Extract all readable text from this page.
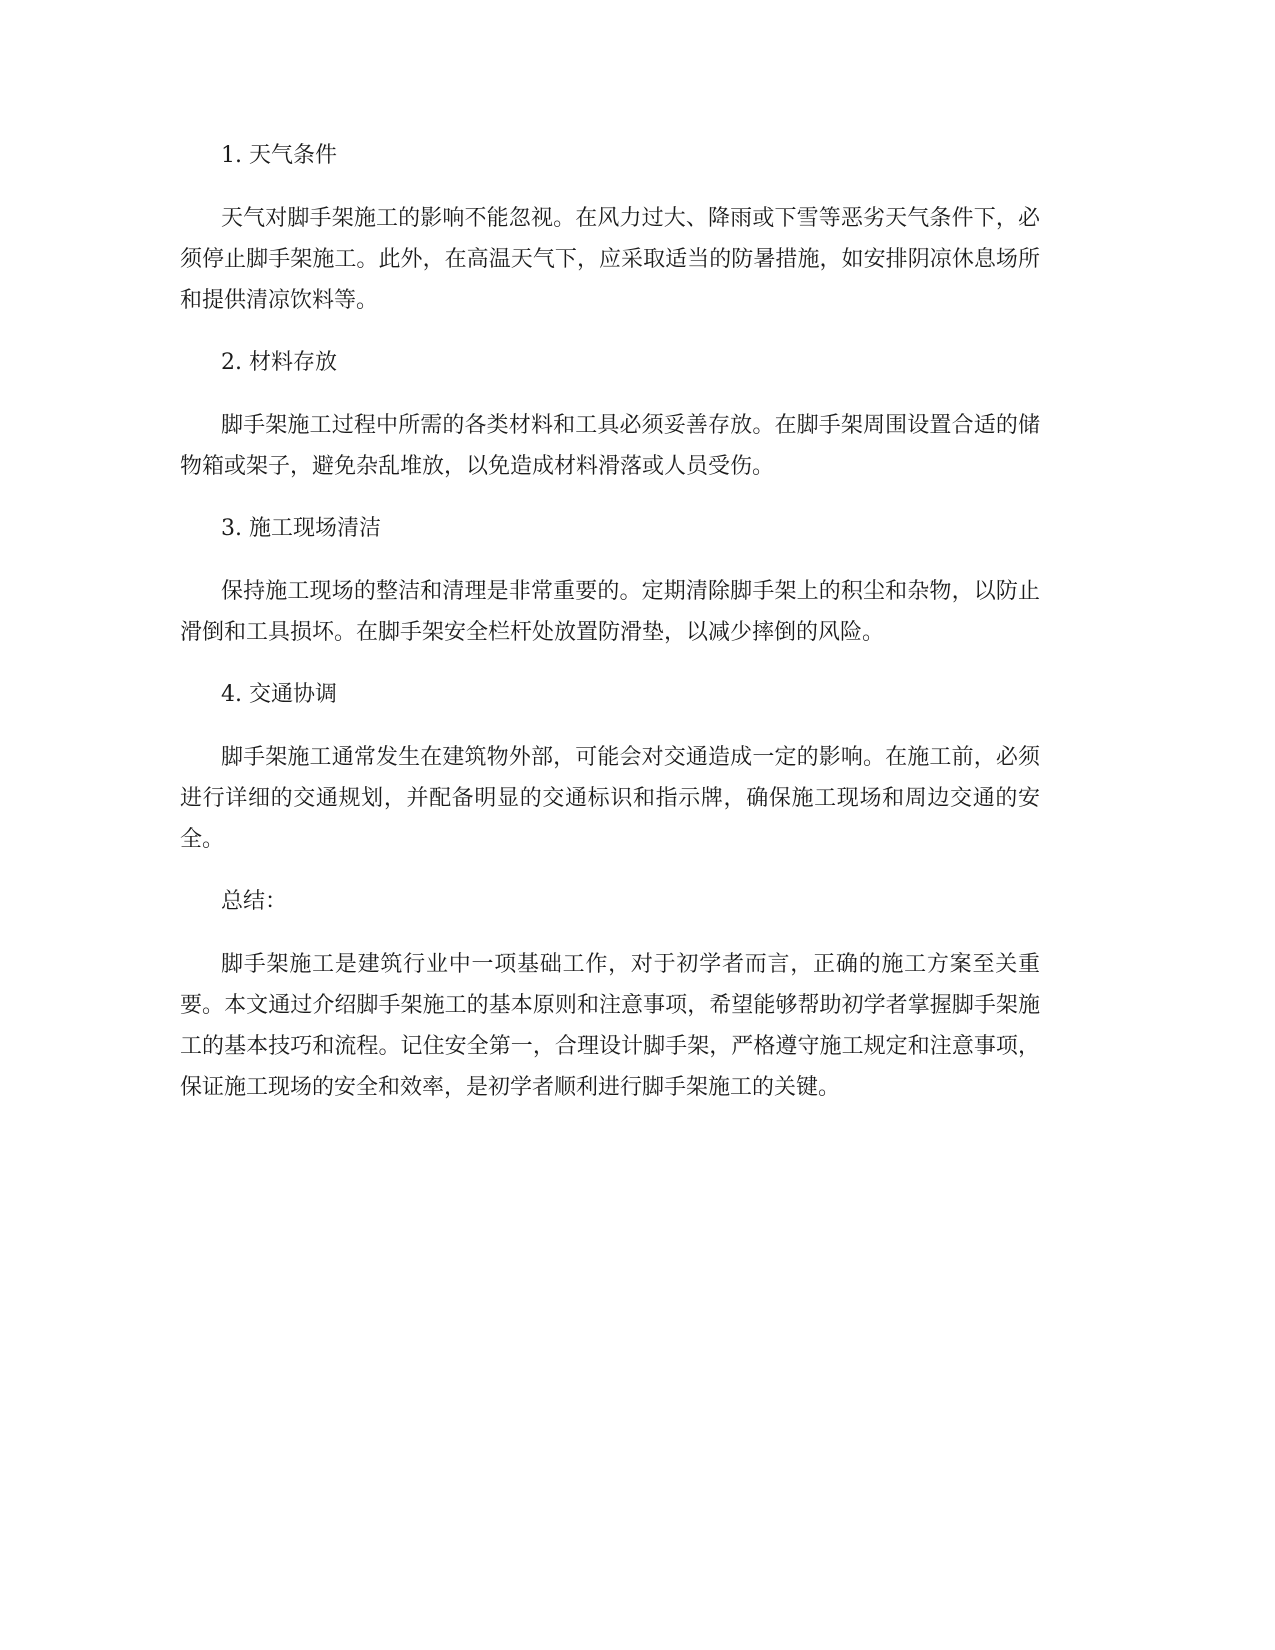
1. 天气条件

天气对脚手架施工的影响不能忽视。在风力过大、降雨或下雪等恶劣天气条件下，必须停止脚手架施工。此外，在高温天气下，应采取适当的防暑措施，如安排阴凉休息场所和提供清凉饮料等。

2. 材料存放

脚手架施工过程中所需的各类材料和工具必须妥善存放。在脚手架周围设置合适的储物箱或架子，避免杂乱堆放，以免造成材料滑落或人员受伤。

3. 施工现场清洁

保持施工现场的整洁和清理是非常重要的。定期清除脚手架上的积尘和杂物，以防止滑倒和工具损坏。在脚手架安全栏杆处放置防滑垫，以减少摔倒的风险。

4. 交通协调

脚手架施工通常发生在建筑物外部，可能会对交通造成一定的影响。在施工前，必须进行详细的交通规划，并配备明显的交通标识和指示牌，确保施工现场和周边交通的安全。

总结：

脚手架施工是建筑行业中一项基础工作，对于初学者而言，正确的施工方案至关重要。本文通过介绍脚手架施工的基本原则和注意事项，希望能够帮助初学者掌握脚手架施工的基本技巧和流程。记住安全第一，合理设计脚手架，严格遵守施工规定和注意事项，保证施工现场的安全和效率，是初学者顺利进行脚手架施工的关键。
